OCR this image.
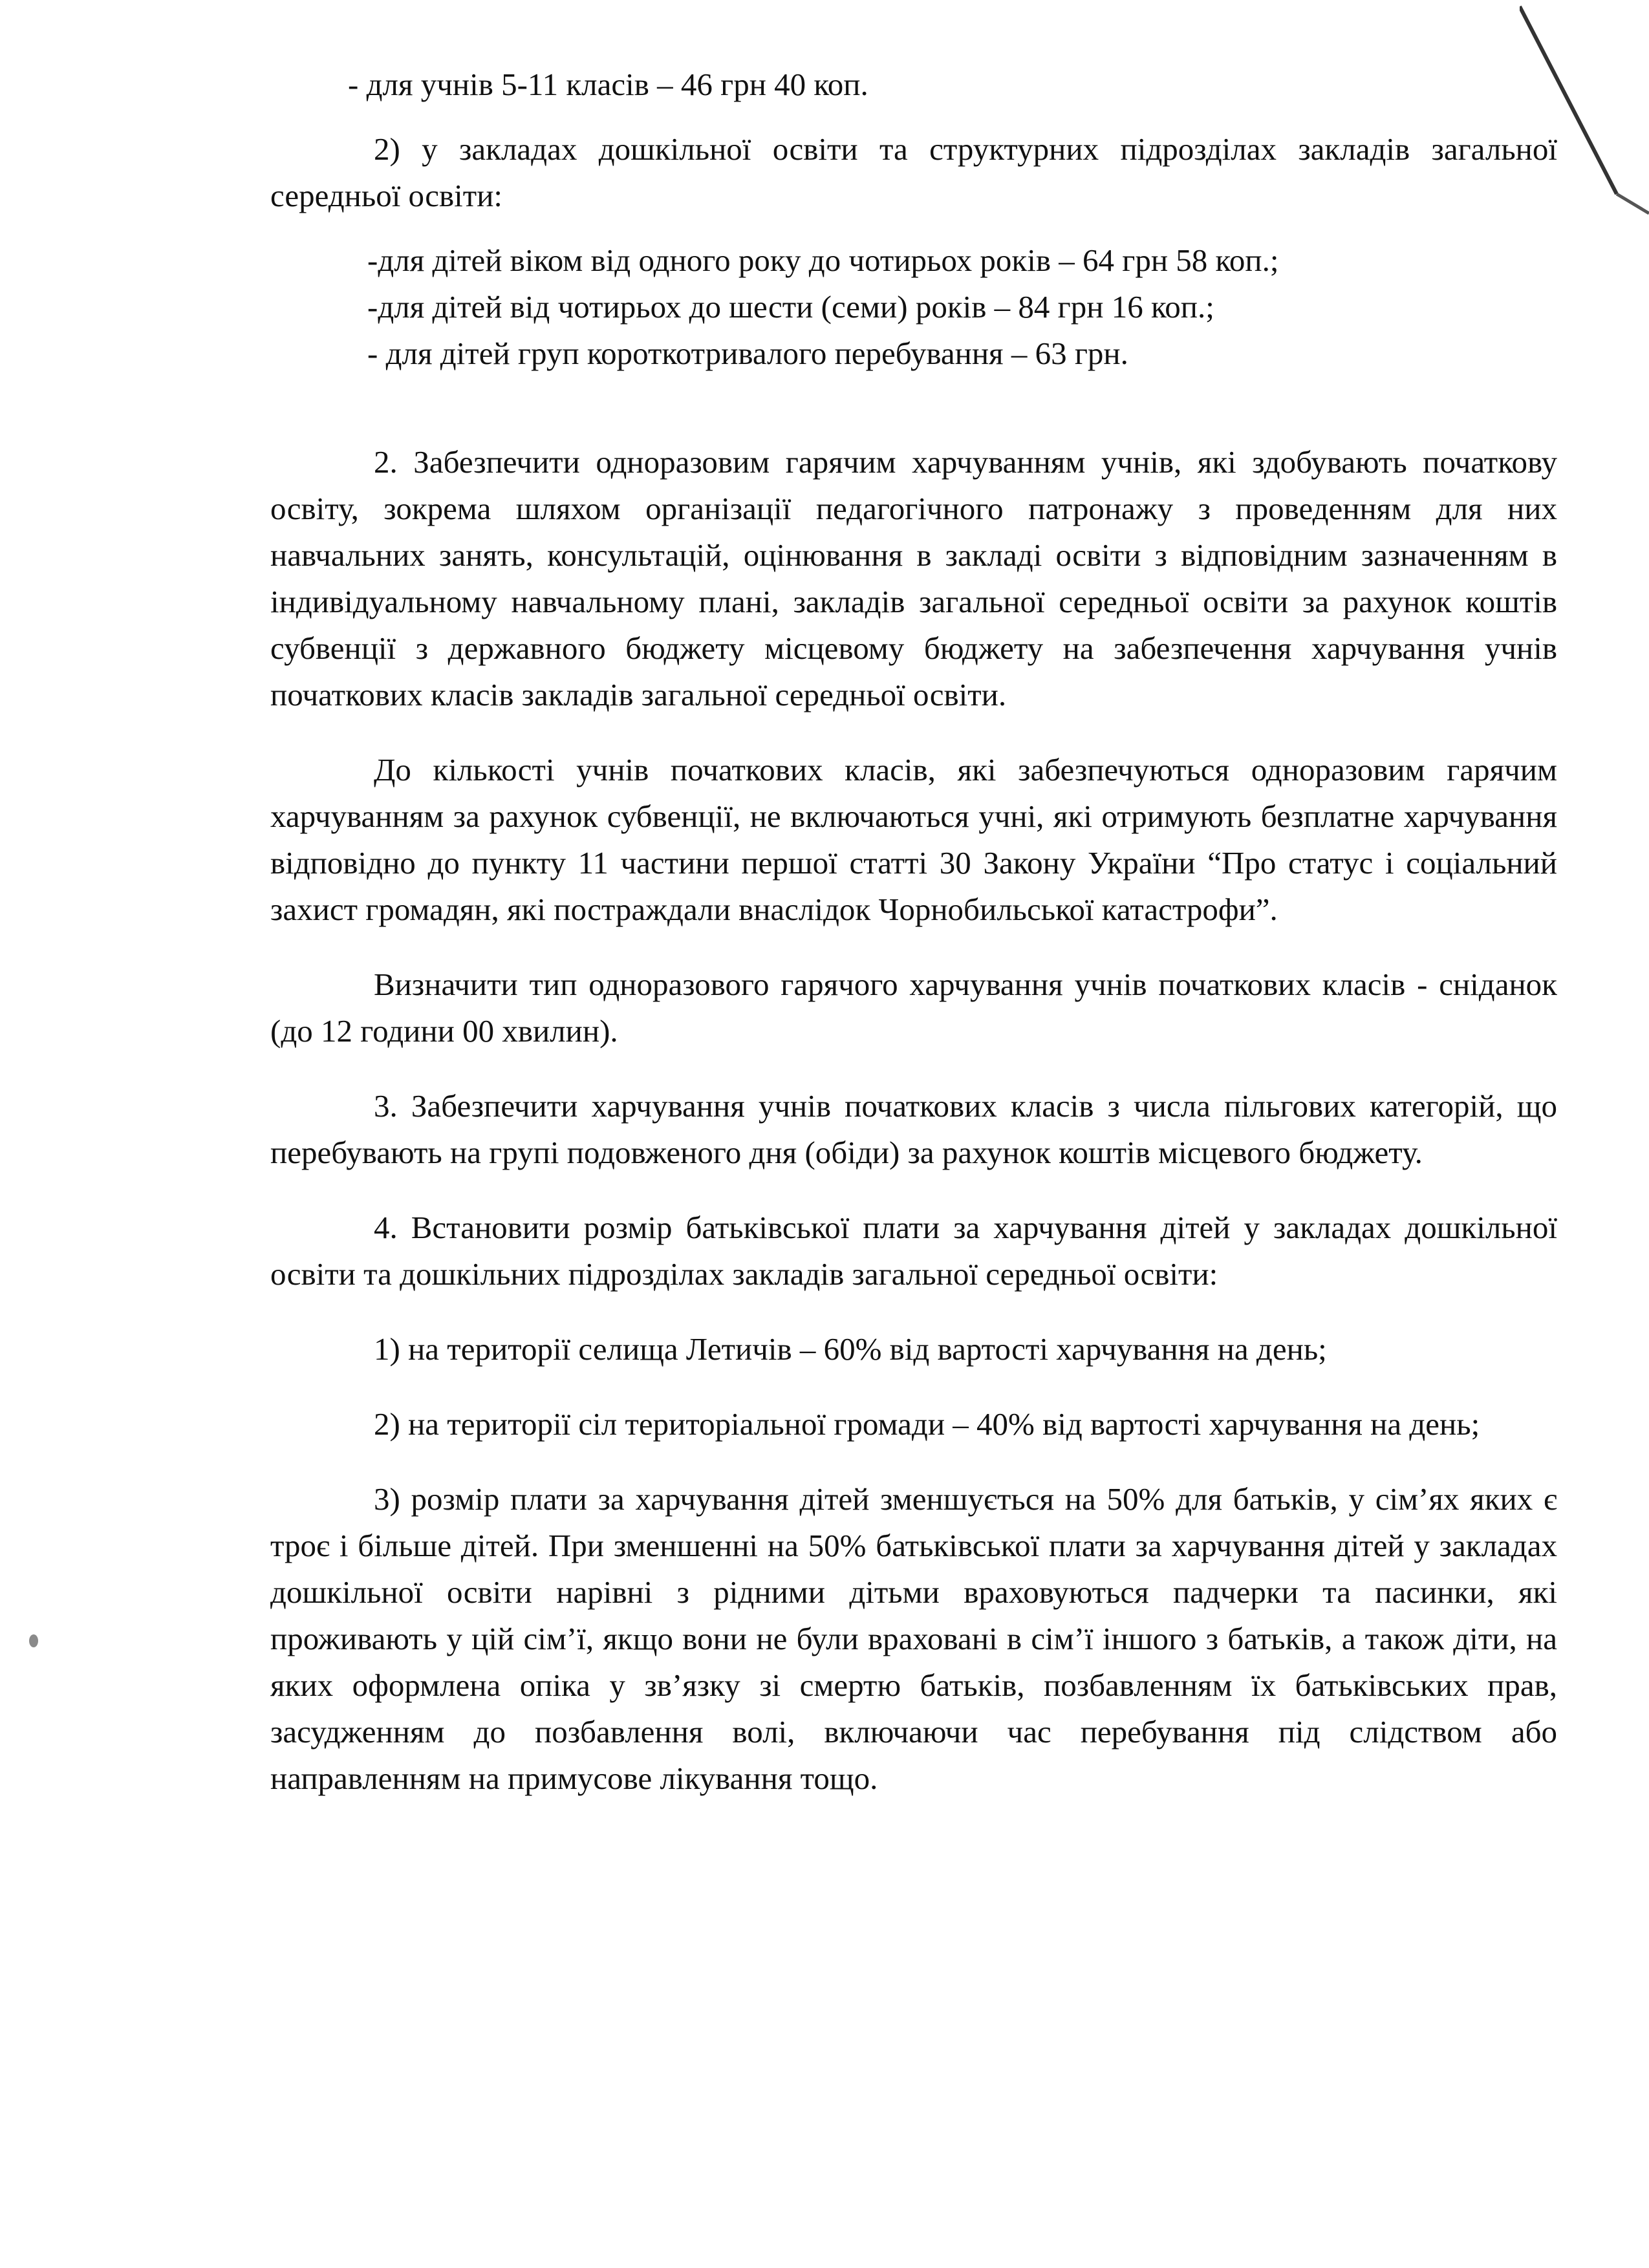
- для учнів 5-11 класів – 46 грн 40 коп.

2) у закладах дошкільної освіти та структурних підрозділах закладів загальної середньої освіти:

-для дітей віком від одного року до чотирьох років – 64 грн 58 коп.;

-для дітей від чотирьох до шести (семи) років – 84 грн 16 коп.;

- для дітей груп короткотривалого перебування – 63 грн.

2. Забезпечити одноразовим гарячим харчуванням учнів, які здобувають початкову освіту, зокрема шляхом організації педагогічного патронажу з проведенням для них навчальних занять, консультацій, оцінювання в закладі освіти з відповідним зазначенням в індивідуальному навчальному плані, закладів загальної середньої освіти за рахунок коштів субвенції з державного бюджету місцевому бюджету на забезпечення харчування учнів початкових класів закладів загальної середньої освіти.

До кількості учнів початкових класів, які забезпечуються одноразовим гарячим харчуванням за рахунок субвенції, не включаються учні, які отримують безплатне харчування відповідно до пункту 11 частини першої статті 30 Закону України “Про статус і соціальний захист громадян, які постраждали внаслідок Чорнобильської катастрофи”.

Визначити тип одноразового гарячого харчування учнів початкових класів - сніданок (до 12 години 00 хвилин).

3. Забезпечити харчування учнів початкових класів з числа пільгових категорій, що перебувають на групі подовженого дня (обіди) за рахунок коштів місцевого бюджету.

4. Встановити розмір батьківської плати за харчування дітей у закладах дошкільної освіти та дошкільних підрозділах закладів загальної середньої освіти:

1) на території селища Летичів – 60% від вартості харчування на день;

2) на території сіл територіальної громади – 40% від вартості харчування на день;

3) розмір плати за харчування дітей зменшується на 50% для батьків, у сім’ях яких є троє і більше дітей. При зменшенні на 50% батьківської плати за харчування дітей у закладах дошкільної освіти нарівні з рідними дітьми враховуються падчерки та пасинки, які проживають у цій сім’ї, якщо вони не були враховані в сім’ї іншого з батьків, а також діти, на яких оформлена опіка у зв’язку зі смертю батьків, позбавленням їх батьківських прав, засудженням до позбавлення волі, включаючи час перебування під слідством або направленням на примусове лікування тощо.
